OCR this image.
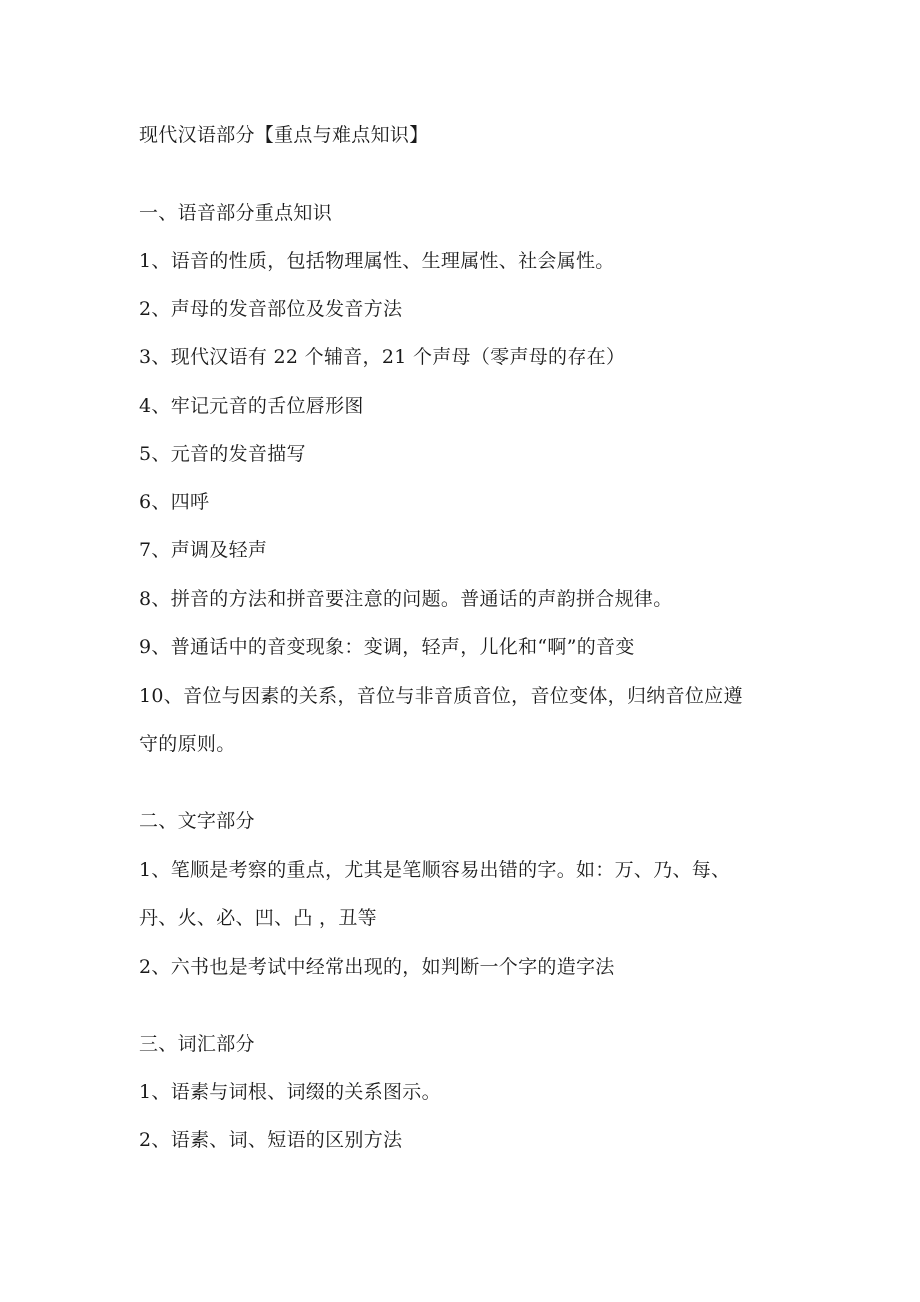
现代汉语部分【重点与难点知识】
一、语音部分重点知识
1、语音的性质，包括物理属性、生理属性、社会属性。
2、声母的发音部位及发音方法
3、现代汉语有 22 个辅音，21 个声母（零声母的存在）
4、牢记元音的舌位唇形图
5、元音的发音描写
6、四呼
7、声调及轻声
8、拼音的方法和拼音要注意的问题。普通话的声韵拼合规律。
9、普通话中的音变现象：变调，轻声，儿化和“啊”的音变
10、音位与因素的关系，音位与非音质音位，音位变体，归纳音位应遵
守的原则。
二、文字部分
1、笔顺是考察的重点，尤其是笔顺容易出错的字。如：万、乃、每、
丹、火、必、凹、凸 ，丑等
2、六书也是考试中经常出现的，如判断一个字的造字法
三、词汇部分
1、语素与词根、词缀的关系图示。
2、语素、词、短语的区别方法
